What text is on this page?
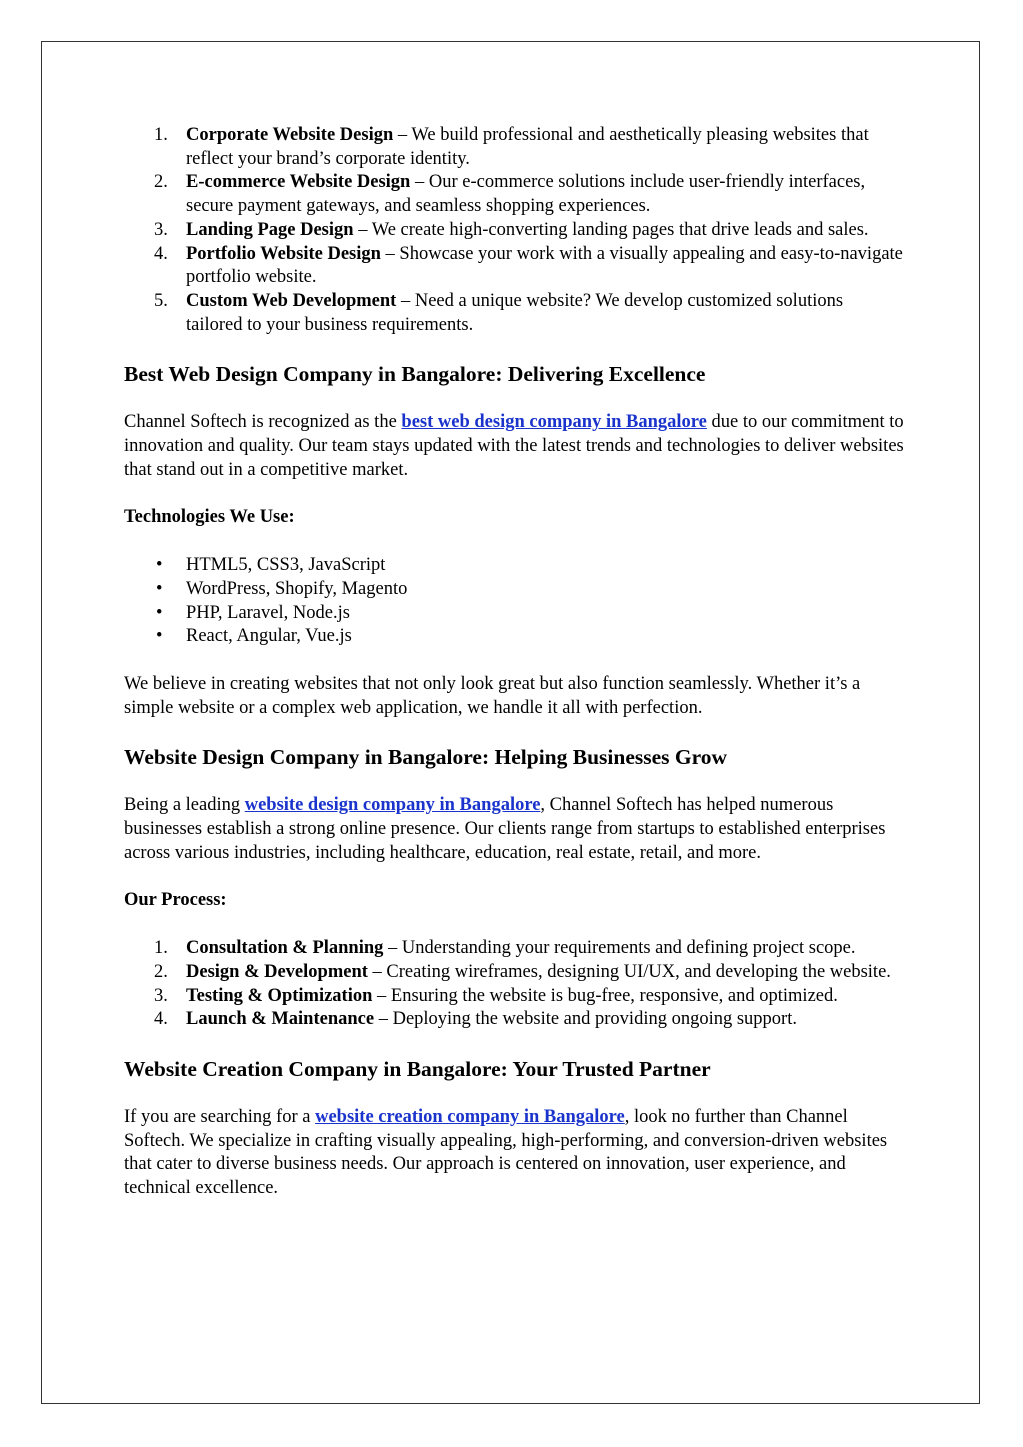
1. Corporate Website Design – We build professional and aesthetically pleasing websites that reflect your brand’s corporate identity.
2. E-commerce Website Design – Our e-commerce solutions include user-friendly interfaces, secure payment gateways, and seamless shopping experiences.
3. Landing Page Design – We create high-converting landing pages that drive leads and sales.
4. Portfolio Website Design – Showcase your work with a visually appealing and easy-to-navigate portfolio website.
5. Custom Web Development – Need a unique website? We develop customized solutions tailored to your business requirements.
Best Web Design Company in Bangalore: Delivering Excellence

Channel Softech is recognized as the best web design company in Bangalore due to our commitment to innovation and quality. Our team stays updated with the latest trends and technologies to deliver websites that stand out in a competitive market.

Technologies We Use:

• HTML5, CSS3, JavaScript
• WordPress, Shopify, Magento
• PHP, Laravel, Node.js
• React, Angular, Vue.js

We believe in creating websites that not only look great but also function seamlessly. Whether it’s a simple website or a complex web application, we handle it all with perfection.

Website Design Company in Bangalore: Helping Businesses Grow

Being a leading website design company in Bangalore, Channel Softech has helped numerous businesses establish a strong online presence. Our clients range from startups to established enterprises across various industries, including healthcare, education, real estate, retail, and more.

Our Process:

1. Consultation & Planning – Understanding your requirements and defining project scope.
2. Design & Development – Creating wireframes, designing UI/UX, and developing the website.
3. Testing & Optimization – Ensuring the website is bug-free, responsive, and optimized.
4. Launch & Maintenance – Deploying the website and providing ongoing support.
Website Creation Company in Bangalore: Your Trusted Partner

If you are searching for a website creation company in Bangalore, look no further than Channel Softech. We specialize in crafting visually appealing, high-performing, and conversion-driven websites that cater to diverse business needs. Our approach is centered on innovation, user experience, and technical excellence.
